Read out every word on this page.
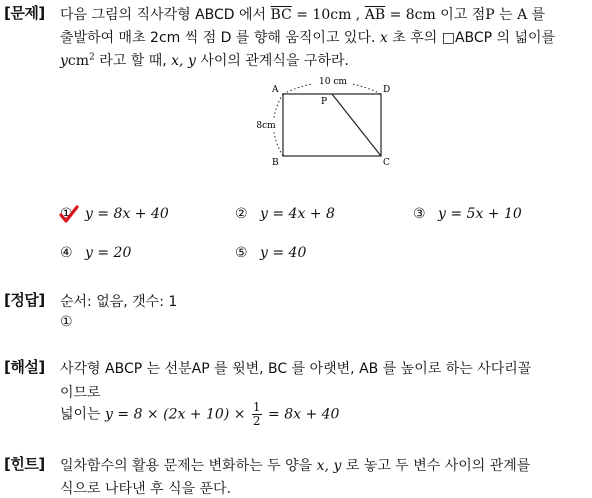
[문제] 다음 그림의 직사각형 ABCD 에서 $\overline{BC} = 10cm$ , $\overline{AB} = 8cm$ 이고 점P 는 A 를
출발하여 매초 2cm 씩 점 D 를 향해 움직이고 있다. x 초 후의 □ABCP 의 넓이를
ycm$^2$ 라고 할 때, x, y 사이의 관계식을 구하라.
10 cm
8cm
A
B	C
D
P
① y = 8x + 40	② y = 4x + 8	③ y = 5x + 10
④ y = 20	⑤ y = 40
[정답] 순서: 없음, 갯수: 1
①
[해설] 사각형 ABCP 는 선분AP 를 윗변, BC 를 아랫변, AB 를 높이로 하는 사다리꼴
이므로
넓이는 $y = 8 \times (2x + 10) \times \frac{1}{2} = 8x + 40$
[힌트] 일차함수의 활용 문제는 변화하는 두 양을 x, y 로 놓고 두 변수 사이의 관계를
식으로 나타낸 후 식을 푼다.
